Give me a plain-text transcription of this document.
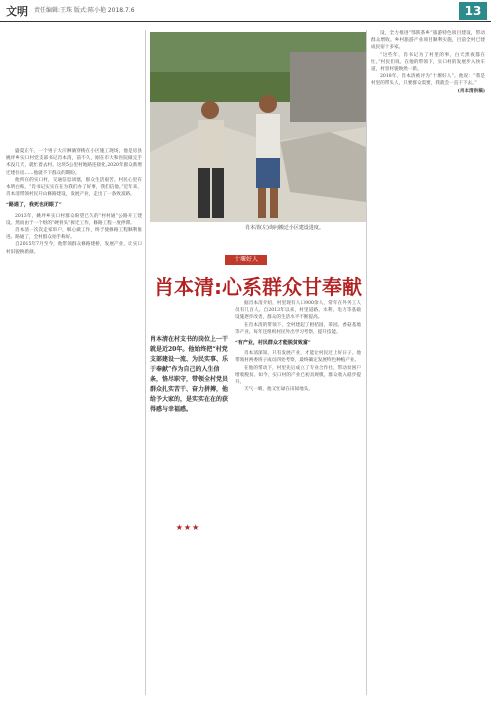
文明 责任编辑:王珠 版式:陈小艳 2018.7.6	13

盛夏正午，一个男子大汗淋漓穿梭在小区施工现场，他是房县姚坪乡实口村党支部书记肖本清，前不久，刚在市大和医院做完手术没几天，就忙着去村。这块5公里村地路连接化,2020年群众新增迁建住房……他就不下群众的期盼。

他所在的实口村，交通信息闭塞，群众生活艰苦。村民心里有本明白账，“肖书记实实在在为我们办了好事，我们信他。”近年来，肖本清带领村民开山修路建设，发展产业，走出了一条致富路。

“路通了，我死也闭眼了”

2013年，姚坪乡实口村群众盼望已久的“村村通”公路开工建设。然而由于一个组的“硬骨头”拆迁工作，修路工程一度停滞。

肖本清一次次走家串户，细心做工作，终于使修路工程顺利推进。路通了，全村群众拍手称好。

自2015年7月至今，他带领群众修路建桥，发展产业，让实口村旧貌换新颜。

肖本清(左)询问搬迁小区建设进度。
十堰好人
肖本清:心系群众甘奉献
肖本清在村支书的岗位上一干就是近20年。他始终把“村党支部建设一流、为民实事、乐于奉献”作为自己的人生信条，恪尽职守，带领全村党员群众扎实苦干、奋力拼搏，他给予大家的，是实实在在的获得感与幸福感。
★★★

据肖本清介绍，村里现有人口900余人，常年在外务工人员有几百人。自2013年以来，村里道路、水利、电力等基础设施逐步改善，群众的生活水平不断提高。

在肖本清的带领下，全村建起了柑桔园、茶园、香菇基地等产业。每年还组织村民外出学习考察，提升技能。

“有产业，村民群众才能脱贫致富”

肖本清深知，只有发展产业，才能让村民过上好日子。他带领村两委班子成员四处考察，最终确定发展特色种植产业。

在他的带动下，村里先后成立了专业合作社，带动贫困户增收脱贫。如今，实口村的产业已初具规模，群众收入稳步提升。

天气一晴，他又忙碌在田间地头。

设，全力推进“鄂陕茶乡”旅游特色项目建设，带动群众增收。乡村旅游产业项目顺利实施，目前全村已建成民宿十多家。

“这些年，肖书记为了村里的事，白天黑夜都在忙。”村民们说。在他的带领下，实口村的发展步入快车道，村容村貌焕然一新。

2018年，肖本清被评为“十堰好人”。他说：“我是村里的带头人，只要群众需要，我就会一直干下去。”

(肖本清供稿)
